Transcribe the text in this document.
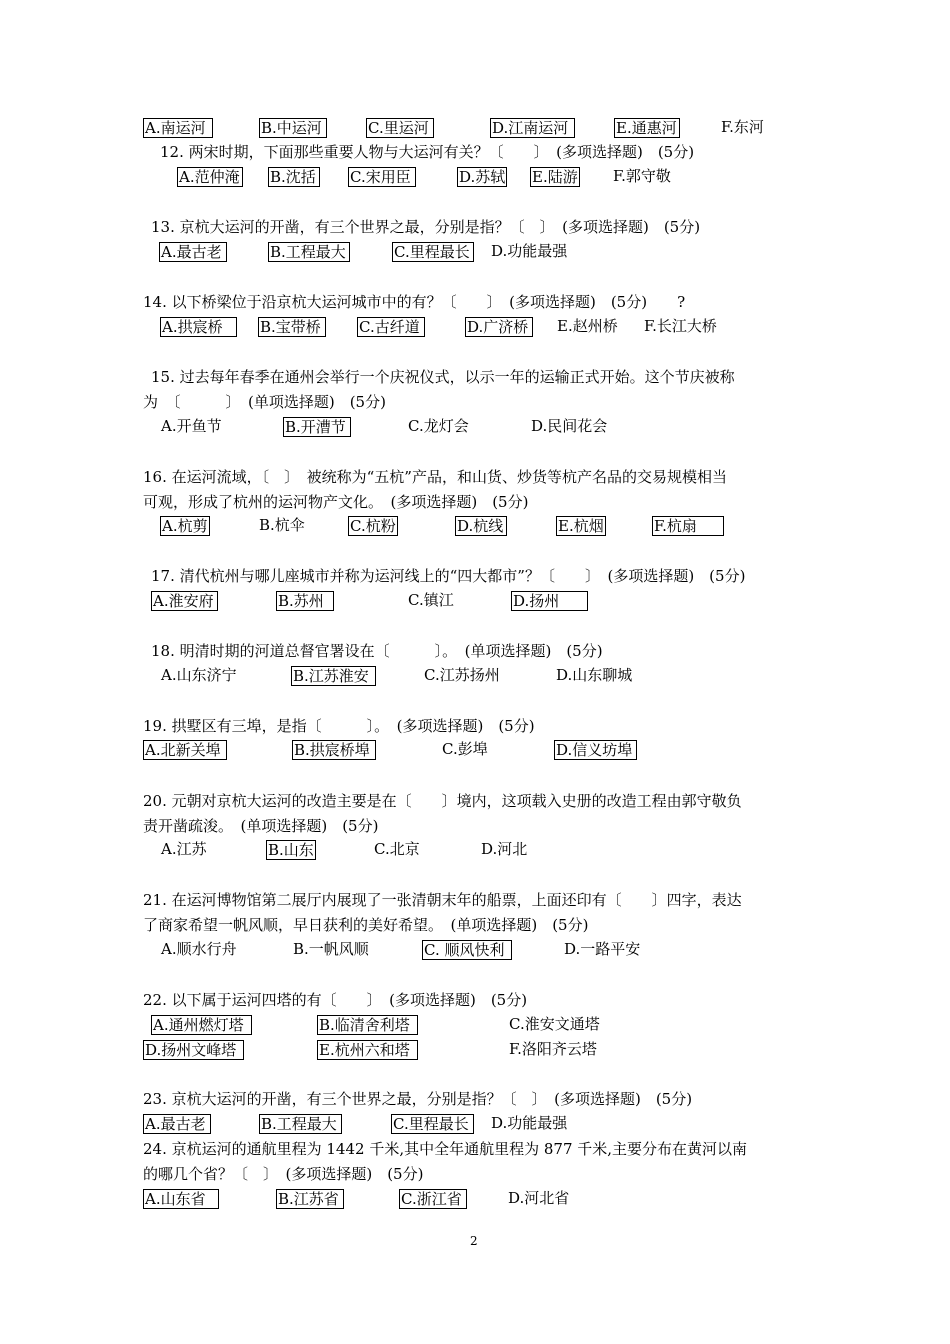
A.南运河	B.中运河	C.里运河	D.江南运河	E.通惠河	F.东河
12. 两宋时期，下面那些重要人物与大运河有关？〔　　〕　(多项选择题)　(5分)
A.范仲淹 B.沈括 C.宋用臣	D.苏轼 E.陆游 F.郭守敬
13. 京杭大运河的开凿，有三个世界之最，分别是指？〔　〕　(多项选择题)　(5分)
A.最古老	B.工程最大	C.里程最长 D.功能最强
14. 以下桥梁位于沿京杭大运河城市中的有？〔　　〕　(多项选择题)　(5分)　　?
A.拱宸桥	B.宝带桥	C.古纤道	D.广济桥	E.赵州桥 F.长江大桥
15. 过去每年春季在通州会举行一个庆祝仪式，以示一年的运输正式开始。这个节庆被称
为　〔　　　〕　(单项选择题)　(5分)
A.开鱼节	B.开漕节	C.龙灯会	D.民间花会
16. 在运河流域，〔　〕　被统称为“五杭”产品，和山货、炒货等杭产名品的交易规模相当
可观，形成了杭州的运河物产文化。　(多项选择题)　(5分)
A.杭剪	B.杭伞	C.杭粉	D.杭线	E.杭烟	F.杭扇
17. 清代杭州与哪儿座城市并称为运河线上的“四大都市”？〔　　〕　(多项选择题)　(5分)
A.淮安府	B.苏州	C.镇江	D.扬州
18. 明清时期的河道总督官署设在〔　　　〕。　(单项选择题)　(5分)
A.山东济宁	B.江苏淮安	C.江苏扬州	D.山东聊城
19. 拱墅区有三埠，是指〔　　　〕。　(多项选择题)　(5分)
A.北新关埠	B.拱宸桥埠	C.彭埠	D.信义坊埠
20. 元朝对京杭大运河的改造主要是在〔　　〕境内，这项载入史册的改造工程由郭守敬负
责开凿疏浚。　(单项选择题)　(5分)
A.江苏	B.山东	C.北京	D.河北
21. 在运河博物馆第二展厅内展现了一张清朝末年的船票，上面还印有〔　　〕四字，表达
了商家希望一帆风顺，早日获利的美好希望。　(单项选择题)　(5分)
A.顺水行舟	B.一帆风顺	C. 顺风快利	D.一路平安
22. 以下属于运河四塔的有〔　　〕　(多项选择题)　(5分)
A.通州燃灯塔	B.临清舍利塔	C.淮安文通塔
D.扬州文峰塔	E.杭州六和塔	F.洛阳齐云塔
23. 京杭大运河的开凿，有三个世界之最，分别是指？〔　〕　(多项选择题)　(5分)
A.最古老	B.工程最大	C.里程最长	D.功能最强
24. 京杭运河的通航里程为 1442 千米,其中全年通航里程为 877 千米,主要分布在黄河以南
的哪几个省？〔　〕　(多项选择题)　(5分)
A.山东省	B.江苏省	C.浙江省	D.河北省
2
